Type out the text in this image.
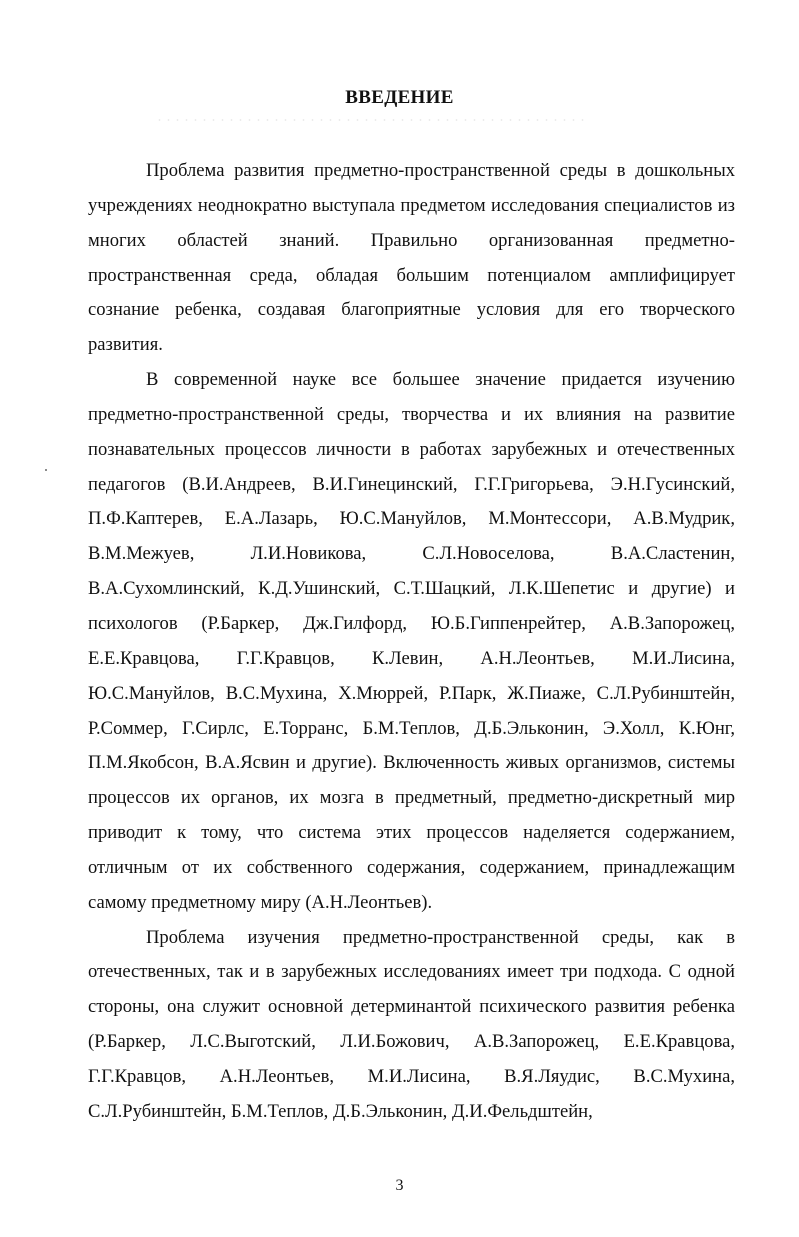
ВВЕДЕНИЕ

Проблема развития предметно-пространственной среды в дошкольных учреждениях неоднократно выступала предметом исследования специалистов из многих областей знаний. Правильно организованная предметно-пространственная среда, обладая большим потенциалом амплифицирует сознание ребенка, создавая благоприятные условия для его творческого развития.

В современной науке все большее значение придается изучению предметно-пространственной среды, творчества и их влияния на развитие познавательных процессов личности в работах зарубежных и отечественных педагогов (В.И.Андреев, В.И.Гинецинский, Г.Г.Григорьева, Э.Н.Гусинский, П.Ф.Каптерев, Е.А.Лазарь, Ю.С.Мануйлов, М.Монтессори, А.В.Мудрик, В.М.Межуев, Л.И.Новикова, С.Л.Новоселова, В.А.Сластенин, В.А.Сухомлинский, К.Д.Ушинский, С.Т.Шацкий, Л.К.Шепетис и другие) и психологов (Р.Баркер, Дж.Гилфорд, Ю.Б.Гиппенрейтер, А.В.Запорожец, Е.Е.Кравцова, Г.Г.Кравцов, К.Левин, А.Н.Леонтьев, М.И.Лисина, Ю.С.Мануйлов, В.С.Мухина, Х.Мюррей, Р.Парк, Ж.Пиаже, С.Л.Рубинштейн, Р.Соммер, Г.Сирлс, Е.Торранс, Б.М.Теплов, Д.Б.Эльконин, Э.Холл, К.Юнг, П.М.Якобсон, В.А.Ясвин и другие). Включенность живых организмов, системы процессов их органов, их мозга в предметный, предметно-дискретный мир приводит к тому, что система этих процессов наделяется содержанием, отличным от их собственного содержания, содержанием, принадлежащим самому предметному миру (А.Н.Леонтьев).

Проблема изучения предметно-пространственной среды, как в отечественных, так и в зарубежных исследованиях имеет три подхода. С одной стороны, она служит основной детерминантой психического развития ребенка (Р.Баркер, Л.С.Выготский, Л.И.Божович, А.В.Запорожец, Е.Е.Кравцова, Г.Г.Кравцов, А.Н.Леонтьев, М.И.Лисина, В.Я.Ляудис, В.С.Мухина, С.Л.Рубинштейн, Б.М.Теплов, Д.Б.Эльконин, Д.И.Фельдштейн,

3
